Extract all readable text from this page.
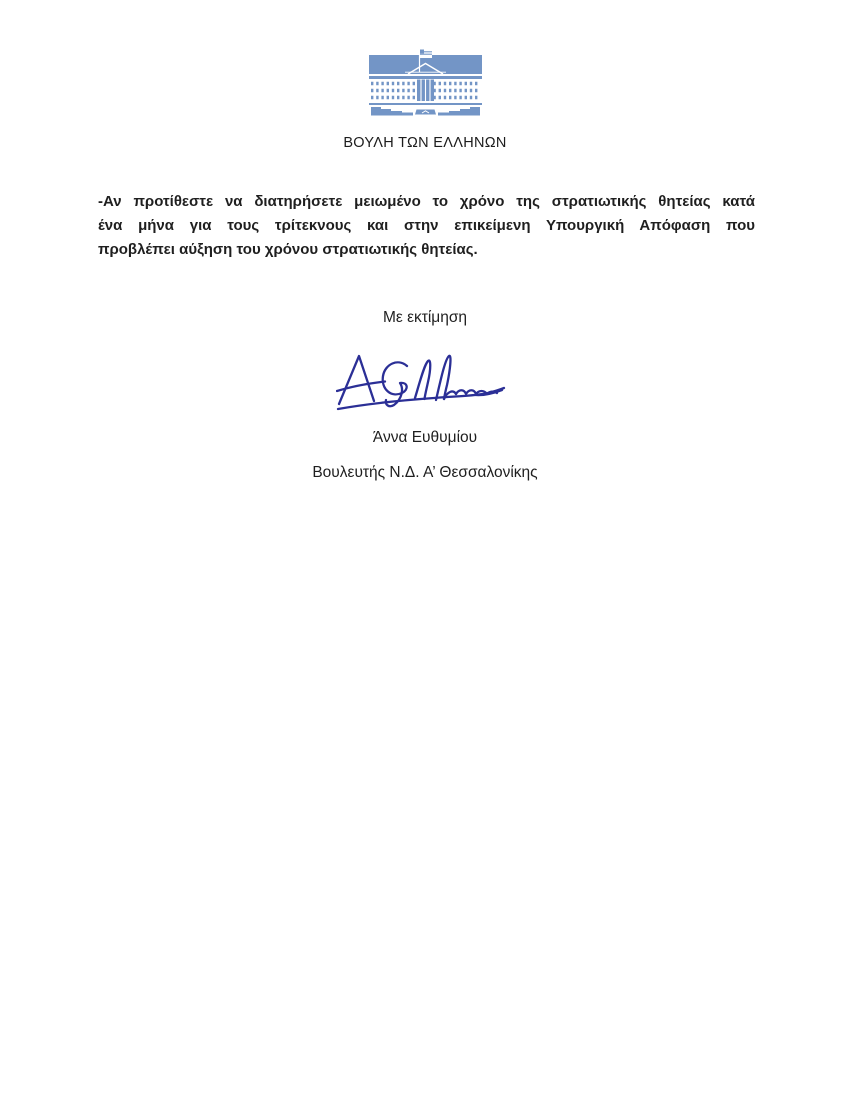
ΒΟΥΛΗ ΤΩΝ ΕΛΛΗΝΩΝ
-Αν προτίθεστε να διατηρήσετε μειωμένο το χρόνο της στρατιωτικής θητείας κατά
ένα μήνα για τους τρίτεκνους και στην επικείμενη Υπουργική Απόφαση που
προβλέπει αύξηση του χρόνου στρατιωτικής θητείας.
Με εκτίμηση
Άννα Ευθυμίου
Βουλευτής Ν.Δ. Α’ Θεσσαλονίκης
